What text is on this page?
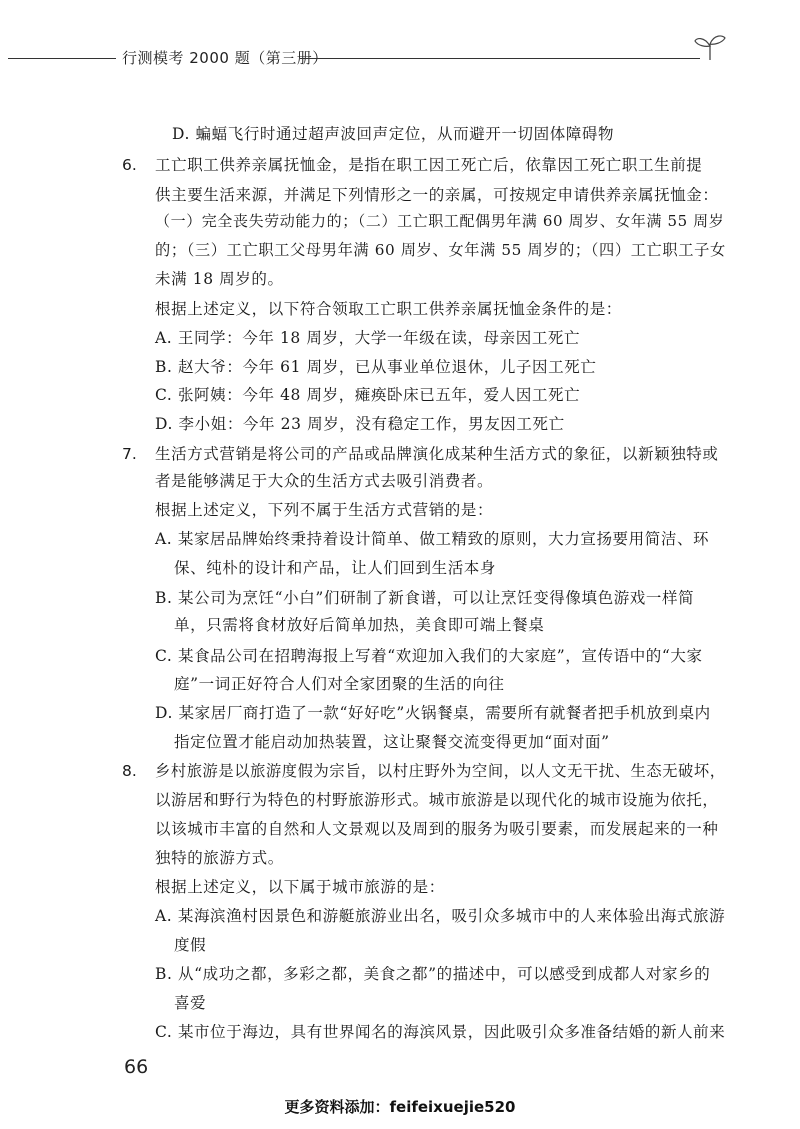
行测模考 2000 题（第三册）
D. 蝙蝠飞行时通过超声波回声定位，从而避开一切固体障碍物
6. 工亡职工供养亲属抚恤金，是指在职工因工死亡后，依靠因工死亡职工生前提
供主要生活来源，并满足下列情形之一的亲属，可按规定申请供养亲属抚恤金：
（一）完全丧失劳动能力的；（二）工亡职工配偶男年满 60 周岁、女年满 55 周岁
的；（三）工亡职工父母男年满 60 周岁、女年满 55 周岁的；（四）工亡职工子女
未满 18 周岁的。
根据上述定义，以下符合领取工亡职工供养亲属抚恤金条件的是：
A. 王同学：今年 18 周岁，大学一年级在读，母亲因工死亡
B. 赵大爷：今年 61 周岁，已从事业单位退休，儿子因工死亡
C. 张阿姨：今年 48 周岁，瘫痪卧床已五年，爱人因工死亡
D. 李小姐：今年 23 周岁，没有稳定工作，男友因工死亡
7. 生活方式营销是将公司的产品或品牌演化成某种生活方式的象征，以新颖独特或
者是能够满足于大众的生活方式去吸引消费者。
根据上述定义，下列不属于生活方式营销的是：
A. 某家居品牌始终秉持着设计简单、做工精致的原则，大力宣扬要用简洁、环
保、纯朴的设计和产品，让人们回到生活本身
B. 某公司为烹饪“小白”们研制了新食谱，可以让烹饪变得像填色游戏一样简
单，只需将食材放好后简单加热，美食即可端上餐桌
C. 某食品公司在招聘海报上写着“欢迎加入我们的大家庭”，宣传语中的“大家
庭”一词正好符合人们对全家团聚的生活的向往
D. 某家居厂商打造了一款“好好吃”火锅餐桌，需要所有就餐者把手机放到桌内
指定位置才能启动加热装置，这让聚餐交流变得更加“面对面”
8. 乡村旅游是以旅游度假为宗旨，以村庄野外为空间，以人文无干扰、生态无破坏，
以游居和野行为特色的村野旅游形式。城市旅游是以现代化的城市设施为依托，
以该城市丰富的自然和人文景观以及周到的服务为吸引要素，而发展起来的一种
独特的旅游方式。
根据上述定义，以下属于城市旅游的是：
A. 某海滨渔村因景色和游艇旅游业出名，吸引众多城市中的人来体验出海式旅游
度假
B. 从“成功之都，多彩之都，美食之都”的描述中，可以感受到成都人对家乡的
喜爱
C. 某市位于海边，具有世界闻名的海滨风景，因此吸引众多准备结婚的新人前来
66
更多资料添加：feifeixuejie520
